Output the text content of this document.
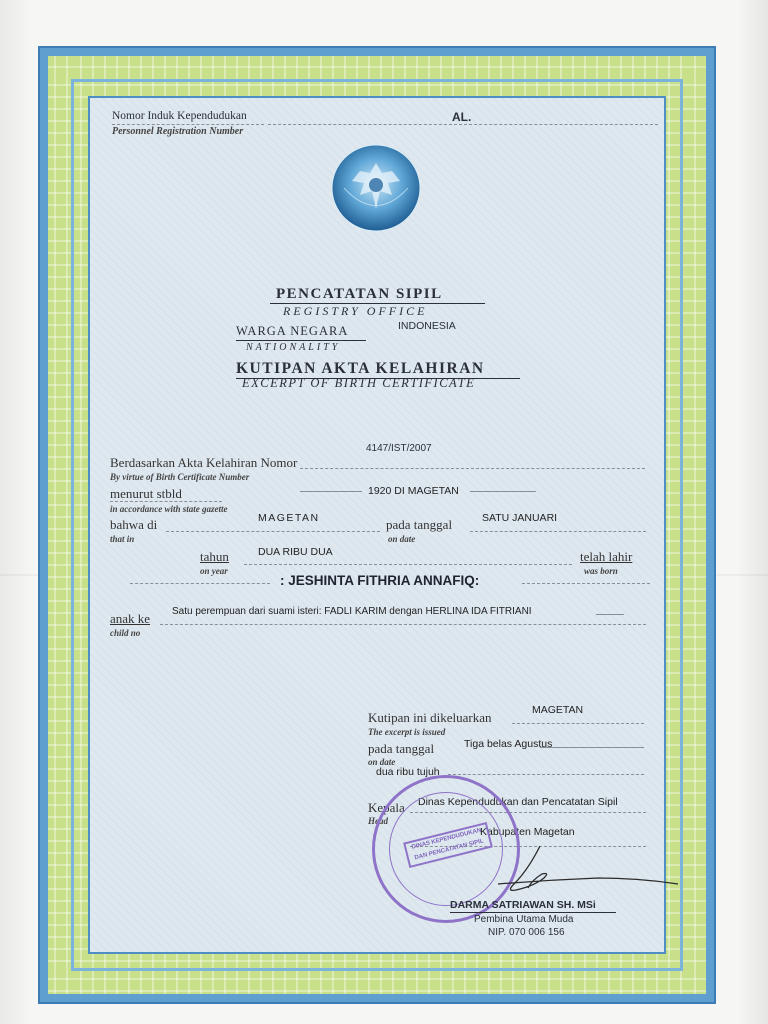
Nomor Induk Kependudukan
Personnel Registration Number
AL.
PENCATATAN SIPIL
REGISTRY OFFICE
WARGA NEGARA
NATIONALITY
INDONESIA
KUTIPAN AKTA KELAHIRAN
EXCERPT OF BIRTH CERTIFICATE
4147/IST/2007
Berdasarkan Akta Kelahiran Nomor
By virtue of Birth Certificate Number
menurut stbld	1920 DI MAGETAN
in accordance with state gazette
bahwa di	MAGETAN	pada tanggal	SATU JANUARI
that in	on date
tahun	DUA RIBU DUA	telah lahir
on year	was born
: JESHINTA FITHRIA ANNAFIQ:
anak ke Satu perempuan dari suami isteri: FADLI KARIM dengan HERLINA IDA FITRIANI
child no
Kutipan ini dikeluarkan	MAGETAN
The excerpt is issued
pada tanggal	Tiga belas Agustus
on date
dua ribu tujuh
Kepala Dinas Kependudukan dan Pencatatan Sipil
Head
Kabupaten Magetan
DINAS KEPENDUDUKAN DAN PENCATATAN SIPIL
DARMA SATRIAWAN SH. MSi
Pembina Utama Muda
NIP. 070 006 156
